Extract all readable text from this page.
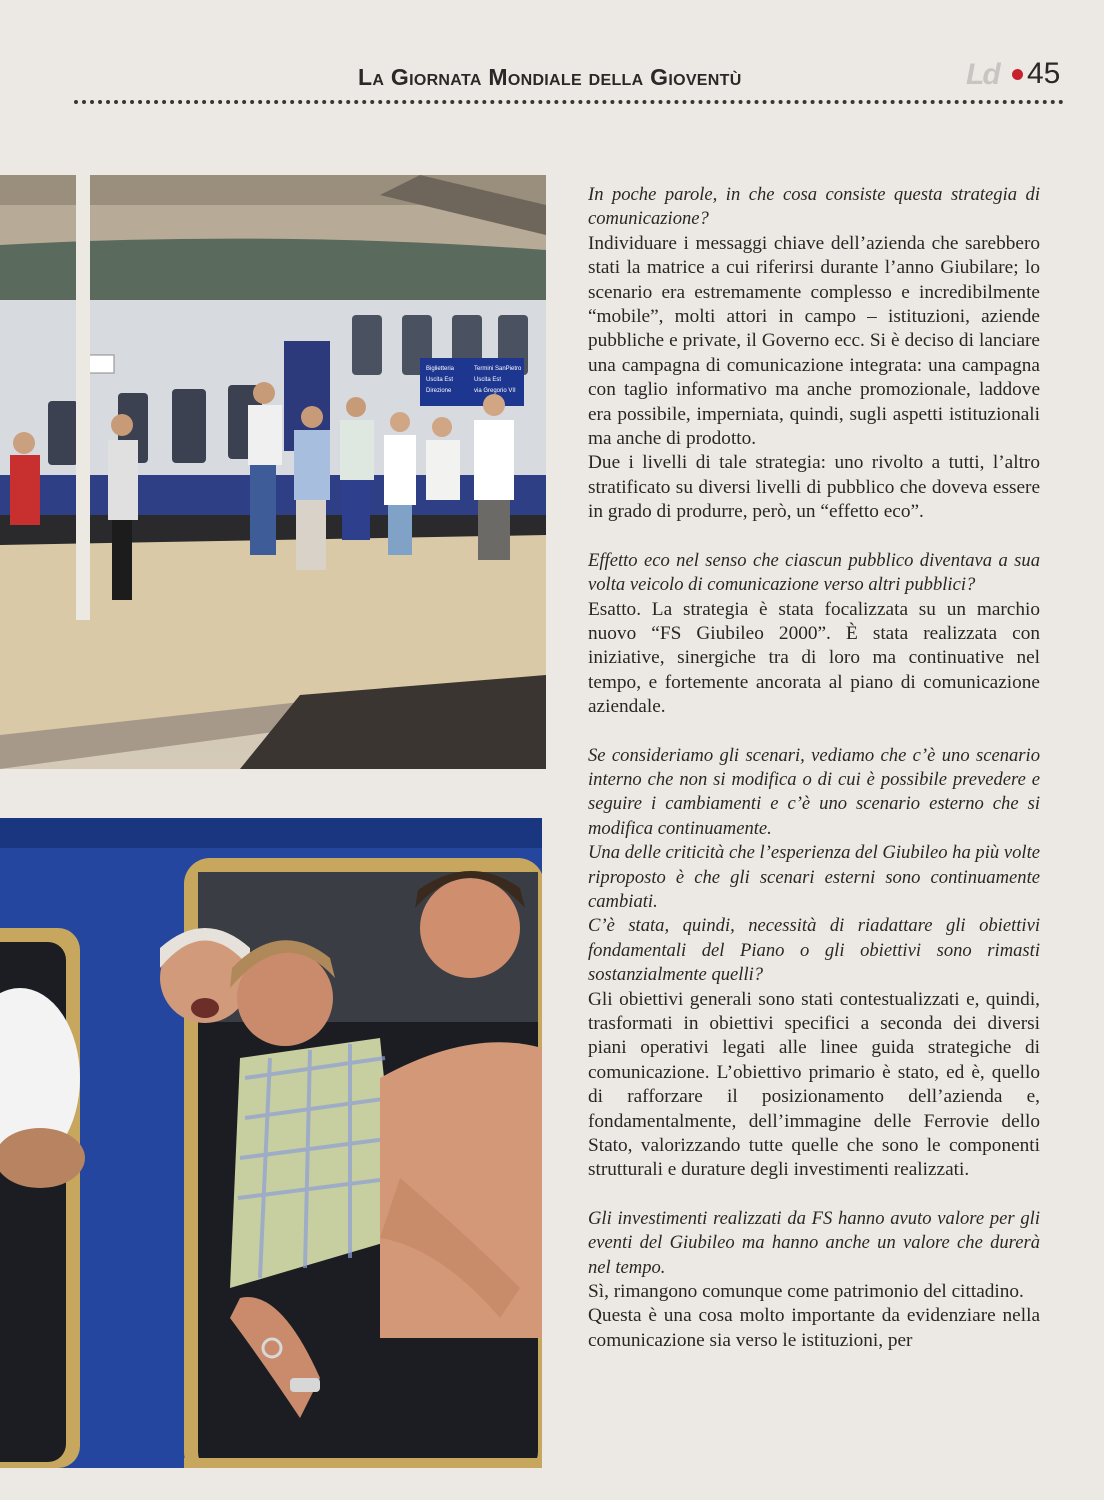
La Giornata Mondiale della Gioventù	Ld 45
Biglietteria
Uscita Est
Direzione
Termini SanPietro
Uscita Est
via Gregorio VII

In poche parole, in che cosa consiste questa strategia di comunicazione?

Individuare i messaggi chiave dell’azienda che sarebbero stati la matrice a cui riferirsi durante l’anno Giubilare; lo scenario era estremamente complesso e incredibilmente “mobile”, molti attori in campo – istituzioni, aziende pubbliche e private, il Governo ecc. Si è deciso di lanciare una campagna di comunicazione integrata: una campagna con taglio informativo ma anche promozionale, laddove era possibile, imperniata, quindi, sugli aspetti istituzionali ma anche di prodotto.

Due i livelli di tale strategia: uno rivolto a tutti, l’altro stratificato su diversi livelli di pubblico che doveva essere in grado di produrre, però, un “effetto eco”.

Effetto eco nel senso che ciascun pubblico diventava a sua volta veicolo di comunicazione verso altri pubblici?

Esatto. La strategia è stata focalizzata su un marchio nuovo “FS Giubileo 2000”. È stata realizzata con iniziative, sinergiche tra di loro ma continuative nel tempo, e fortemente ancorata al piano di comunicazione aziendale.

Se consideriamo gli scenari, vediamo che c’è uno scenario interno che non si modifica o di cui è possibile prevedere e seguire i cambiamenti e c’è uno scenario esterno che si modifica continuamente.

Una delle criticità che l’esperienza del Giubileo ha più volte riproposto è che gli scenari esterni sono continuamente cambiati.

C’è stata, quindi, necessità di riadattare gli obiettivi fondamentali del Piano o gli obiettivi sono rimasti sostanzialmente quelli?

Gli obiettivi generali sono stati contestualizzati e, quindi, trasformati in obiettivi specifici a seconda dei diversi piani operativi legati alle linee guida strategiche di comunicazione. L’obiettivo primario è stato, ed è, quello di rafforzare il posizionamento dell’azienda e, fondamentalmente, dell’immagine delle Ferrovie dello Stato, valorizzando tutte quelle che sono le componenti strutturali e durature degli investimenti realizzati.

Gli investimenti realizzati da FS hanno avuto valore per gli eventi del Giubileo ma hanno anche un valore che durerà nel tempo.

Sì, rimangono comunque come patrimonio del cittadino.

Questa è una cosa molto importante da evidenziare nella comunicazione sia verso le istituzioni, per
